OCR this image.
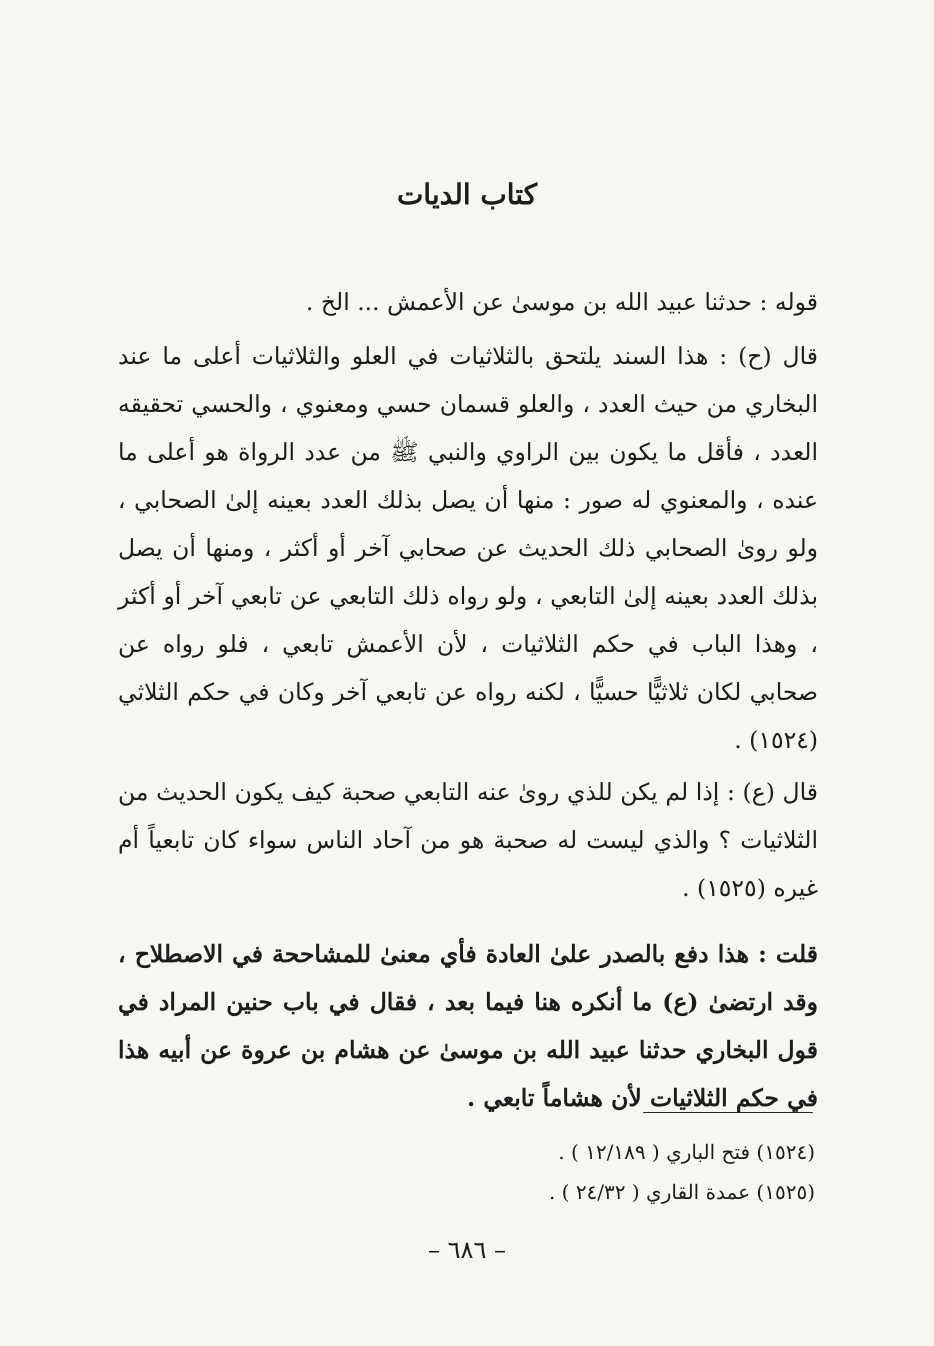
كتاب الديات

قوله : حدثنا عبيد الله بن موسىٰ عن الأعمش ... الخ .

قال (ح) : هذا السند يلتحق بالثلاثيات في العلو والثلاثيات أعلى ما عند البخاري من حيث العدد ، والعلو قسمان حسي ومعنوي ، والحسي تحقيقه العدد ، فأقل ما يكون بين الراوي والنبي ﷺ من عدد الرواة هو أعلى ما عنده ، والمعنوي له صور : منها أن يصل بذلك العدد بعينه إلىٰ الصحابي ، ولو روىٰ الصحابي ذلك الحديث عن صحابي آخر أو أكثر ، ومنها أن يصل بذلك العدد بعينه إلىٰ التابعي ، ولو رواه ذلك التابعي عن تابعي آخر أو أكثر ، وهذا الباب في حكم الثلاثيات ، لأن الأعمش تابعي ، فلو رواه عن صحابي لكان ثلاثيًّا حسيًّا ، لكنه رواه عن تابعي آخر وكان في حكم الثلاثي (١٥٢٤) .

قال (ع) : إذا لم يكن للذي روىٰ عنه التابعي صحبة كيف يكون الحديث من الثلاثيات ؟ والذي ليست له صحبة هو من آحاد الناس سواء كان تابعياً أم غيره (١٥٢٥) .

قلت : هذا دفع بالصدر علىٰ العادة فأي معنىٰ للمشاححة في الاصطلاح ، وقد ارتضىٰ (ع) ما أنكره هنا فيما بعد ، فقال في باب حنين المراد في قول البخاري حدثنا عبيد الله بن موسىٰ عن هشام بن عروة عن أبيه هذا في حكم الثلاثيات لأن هشاماً تابعي .

(١٥٢٤) فتح الباري ( ١٢/١٨٩ ) .

(١٥٢٥) عمدة القاري ( ٢٤/٣٢ ) .

– ٦٨٦ –
